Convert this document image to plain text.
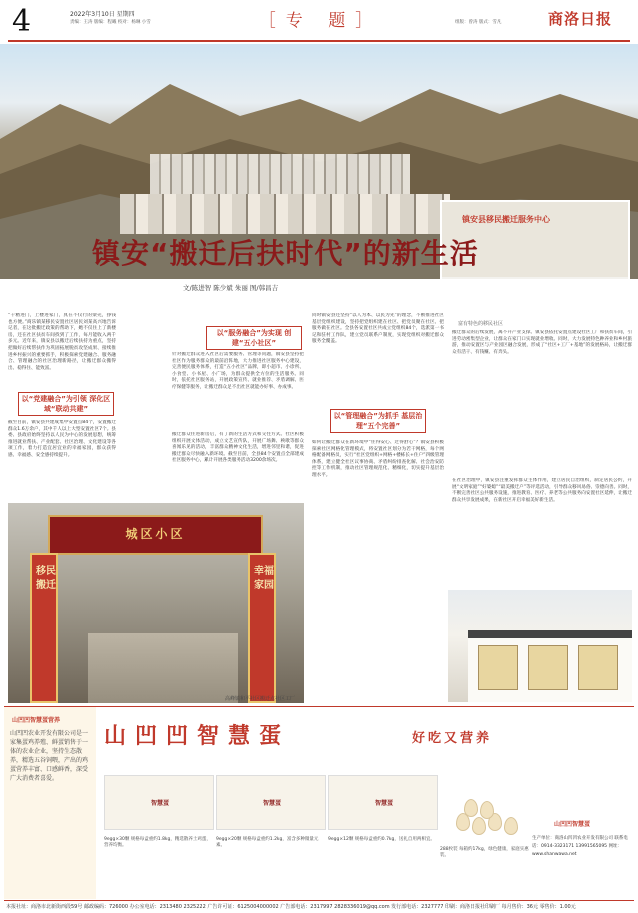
4	2022年3月10日 星期四
责编：王涛 版编：程曦 校对：杨琳 小雪	［专 题］	组版：曾涛 版式：雪凡	商洛日报
镇安县移民搬迁服务中心
富有特色的移民社区
镇安“搬迁后扶时代”的新生活
文/陈进智 陈少斌 朱丽 图/韩昌吉
“干精进门，上楼进家门，真在不仅行的梁壳，挣钱也方便。”商乐镇某移民安置社区居民刘某高兴地告诉记者，在这批搬迁政策的帮助下，她不仅住上了新楼房，还在社区扶贫车间找到了工作，每月能收入两千多元。近年来，镇安县以搬迁后续扶持为重点，坚持把做好后续帮扶作为巩固拓展脱贫攻坚成果、接续推进乡村振兴的重要抓手，积极探索党建融合、服务融合、管理融合的社区治理新路径，让搬迁群众搬得出、稳得住、能致富。
以“党建融合”为引领 深化区域“联动共建”
截至目前，镇安县共建成集中安置点84个，安置搬迁群众1.6万余户，其中千人以上大型安置社区7个。县委、县政府始终坚持以人民为中心的发展思想，统筹推进就业帮扶、产业配套、社区治理、文化建设等各项工作，着力打造宜居宜业的幸福家园，群众获得感、幸福感、安全感持续提升。
以“服务融合”为实现 创建“五小社区”
针对搬迁群众进入社区后需要服务、管理等问题，镇安县坚持把社区作为服务群众的最前沿阵地，大力推进社区服务中心建设，完善便民服务体系，打造“五小社区”品牌，即小超市、小诊所、小食堂、小书屋、小广场，为群众提供全方位的生活服务。同时，依托社区服务站，开展政策宣传、就业推荐、矛盾调解、医疗保健等服务，让搬迁群众足不出社区就能办好事、办成事。
搬迁群众住进新房后，有了新的生活方式和交往方式。社区积极组织开展文体活动，成立文艺宣传队，开展广场舞、秧歌等群众喜闻乐见的活动，丰富群众精神文化生活，增进邻里和谐，促进搬迁群众尽快融入新环境。截至目前，全县84个安置点全部建成社区服务中心，累计开展各类服务活动3200余场次。
同时镇安县还坚持“以人为本、以民为先”的理念，不断推进社区基层党组织建设，坚持把党组织建在社区、把党员聚在社区、把服务做在社区。全县各安置社区共成立党组织84个，选派第一书记和驻村工作队，建立党员联系户制度，实现党组织对搬迁群众服务全覆盖。
以“管理融合”为抓手 基层治理“五个完善”
如何让搬迁群众在新环境中“住得安心、过得舒心”？镇安县积极探索社区网格化管理模式，将安置社区划分为若干网格，每个网格配备网格员，实行“社区党组织+网格+楼栋长+住户”四级管理体系，建立健全社区议事协商、矛盾纠纷排查化解、社会治安防控等工作机制，推动社区管理规范化、精细化，切实提升基层治理水平。
搬迁群众的后续发展，离不开产业支撑。镇安县依托安置点建设社区工厂和扶贫车间，引进劳动密集型企业，让群众在家门口实现就业增收。同时，大力发展特色种养业和乡村旅游，推动安置区与产业园区融合发展，形成了“社区+工厂+基地”的发展格局，让搬迁群众有活干、有钱赚、有奔头。
在社区治理中，镇安县注重发挥群众主体作用，建立居民自治组织，制定居民公约，开展“文明家庭”“好婆媳”“最美搬迁户”等评选活动，引导群众移风易俗、崇德向善。同时，不断完善社区公共服务设施，推进教育、医疗、养老等公共服务向安置社区延伸，让搬迁群众共享发展成果，在新社区开启幸福美好新生活。
城区小区
移民搬迁
幸福家园
高峰镇和平社区搬迁点社区工厂
山凹凹智慧蛋营养
山凹凹农业开发有限公司是一家集蛋鸡养殖、鲜蛋销售于一体的农业企业，坚持生态散养，精选五谷饲喂，产出的鸡蛋营养丰富、口感鲜香，深受广大消费者喜爱。
山凹凹智慧蛋	好吃又营养
智慧蛋
9egg×30颗 规格每盒重约1.8kg，精选散养土鸡蛋，营养均衡。
智慧蛋
9egg×20颗 规格每盒重约1.2kg，富含多种微量元素。
智慧蛋
9egg×12颗 规格每盒重约0.7kg，送礼自用两相宜。
288枚装 每箱约17kg，绿色健康，家庭实惠装。
山凹凹智慧蛋
生产单位：商洛山凹凹农业开发有限公司 联系电话：0914-3323171 13991565095 网址：www.shanwawa.net
本报社址：商洛市北新街西段59号 邮政编码：726000 办公室电话：2313480 2325222 广告许可证：6125004000002 广告部电话：2317997 2828336019@qq.com 发行部电话：2327777 印刷：商洛日报社印刷厂 每月售价：36元 零售价：1.00元
